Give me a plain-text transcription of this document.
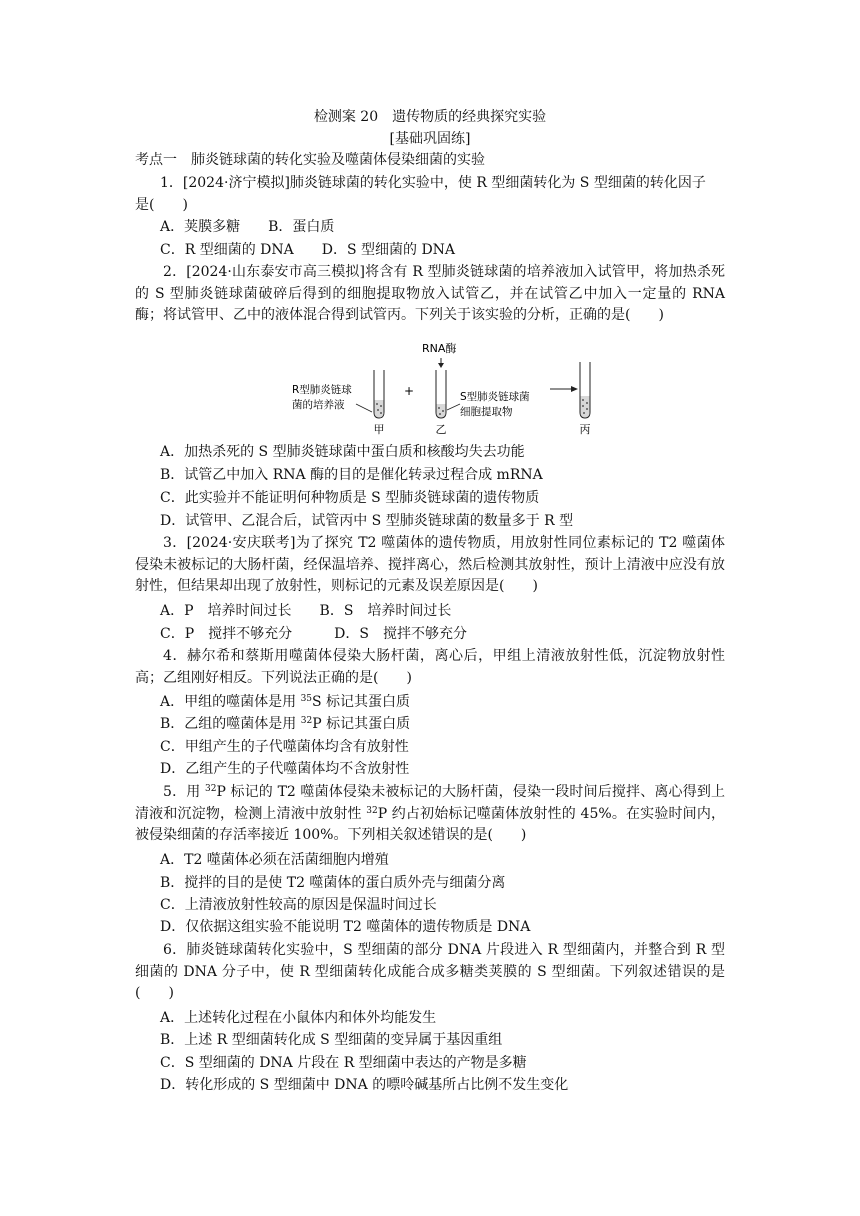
检测案 20　遗传物质的经典探究实验
[基础巩固练]
考点一　肺炎链球菌的转化实验及噬菌体侵染细菌的实验
1．[2024·济宁模拟]肺炎链球菌的转化实验中，使 R 型细菌转化为 S 型细菌的转化因子
是(　　)
A．荚膜多糖　　B．蛋白质
C．R 型细菌的 DNA　　D．S 型细菌的 DNA
2．[2024·山东泰安市高三模拟]将含有 R 型肺炎链球菌的培养液加入试管甲，将加热杀死的 S 型肺炎链球菌破碎后得到的细胞提取物放入试管乙，并在试管乙中加入一定量的 RNA 酶；将试管甲、乙中的液体混合得到试管丙。下列关于该实验的分析，正确的是(　　)
RNA酶
R型肺炎链球
菌的培养液
甲
+
乙
S型肺炎链球菌
细胞提取物
丙
A．加热杀死的 S 型肺炎链球菌中蛋白质和核酸均失去功能
B．试管乙中加入 RNA 酶的目的是催化转录过程合成 mRNA
C．此实验并不能证明何种物质是 S 型肺炎链球菌的遗传物质
D．试管甲、乙混合后，试管丙中 S 型肺炎链球菌的数量多于 R 型
3．[2024·安庆联考]为了探究 T2 噬菌体的遗传物质，用放射性同位素标记的 T2 噬菌体侵染未被标记的大肠杆菌，经保温培养、搅拌离心，然后检测其放射性，预计上清液中应没有放射性，但结果却出现了放射性，则标记的元素及误差原因是(　　)
A．P　培养时间过长　　B．S　培养时间过长
C．P　搅拌不够充分　　　D．S　搅拌不够充分
4．赫尔希和蔡斯用噬菌体侵染大肠杆菌，离心后，甲组上清液放射性低，沉淀物放射性高；乙组刚好相反。下列说法正确的是(　　)
A．甲组的噬菌体是用 $^{35}$S 标记其蛋白质
B．乙组的噬菌体是用 $^{32}$P 标记其蛋白质
C．甲组产生的子代噬菌体均含有放射性
D．乙组产生的子代噬菌体均不含放射性
5．用 $^{32}$P 标记的 T2 噬菌体侵染未被标记的大肠杆菌，侵染一段时间后搅拌、离心得到上清液和沉淀物，检测上清液中放射性 $^{32}$P 约占初始标记噬菌体放射性的 45%。在实验时间内，被侵染细菌的存活率接近 100%。下列相关叙述错误的是(　　)
A．T2 噬菌体必须在活菌细胞内增殖
B．搅拌的目的是使 T2 噬菌体的蛋白质外壳与细菌分离
C．上清液放射性较高的原因是保温时间过长
D．仅依据这组实验不能说明 T2 噬菌体的遗传物质是 DNA
6．肺炎链球菌转化实验中，S 型细菌的部分 DNA 片段进入 R 型细菌内，并整合到 R 型细菌的 DNA 分子中，使 R 型细菌转化成能合成多糖类荚膜的 S 型细菌。下列叙述错误的是(　　)
A．上述转化过程在小鼠体内和体外均能发生
B．上述 R 型细菌转化成 S 型细菌的变异属于基因重组
C．S 型细菌的 DNA 片段在 R 型细菌中表达的产物是多糖
D．转化形成的 S 型细菌中 DNA 的嘌呤碱基所占比例不发生变化
